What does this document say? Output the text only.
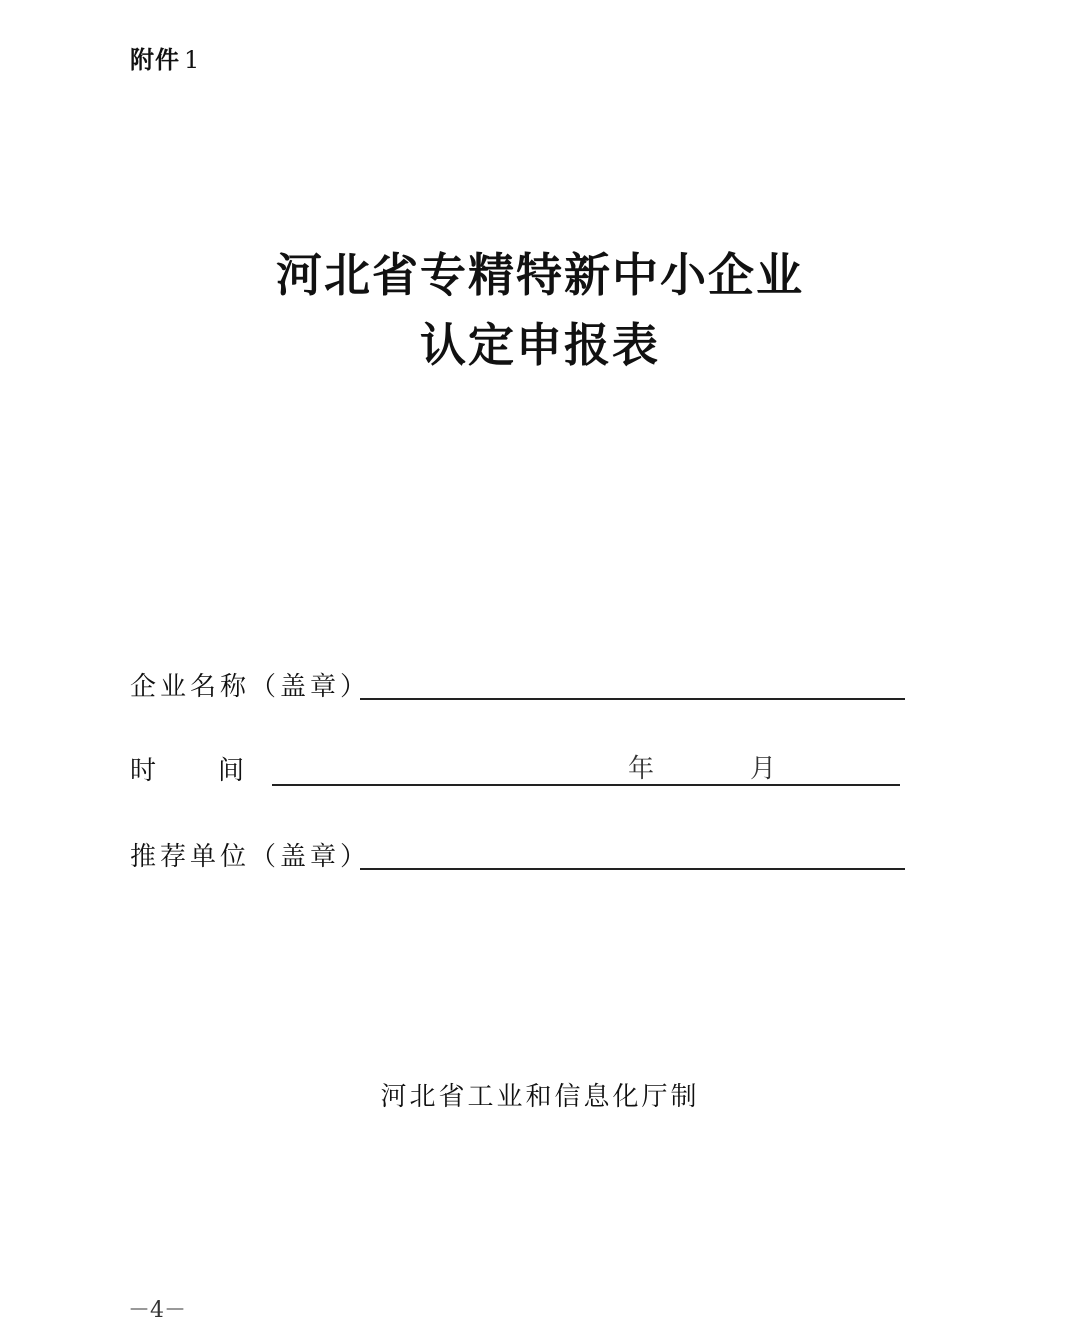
附件 1
河北省专精特新中小企业
认定申报表
企业名称（盖章）
时 间	年	月
推荐单位（盖章）
河北省工业和信息化厅制
－4－
